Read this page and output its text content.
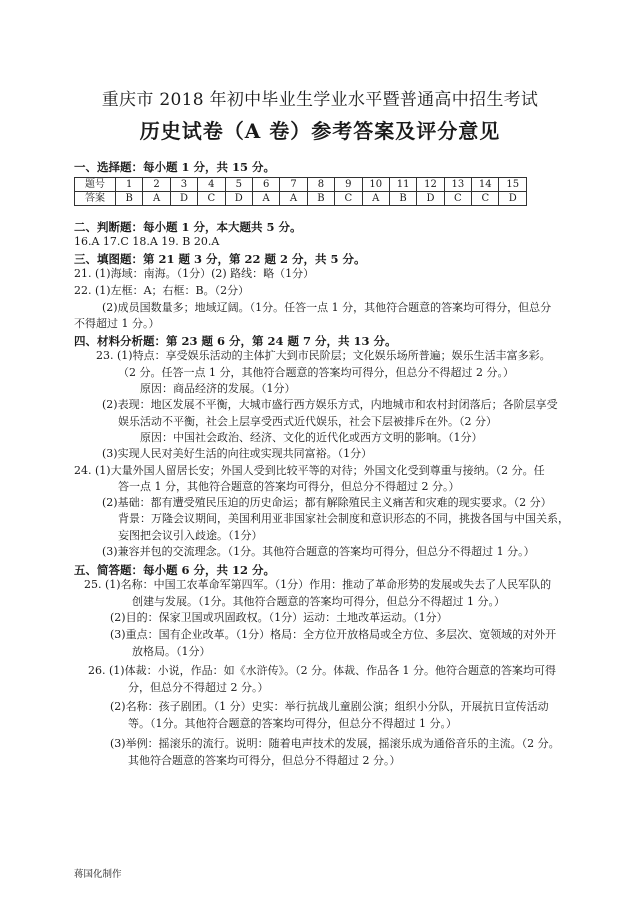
重庆市 2018 年初中毕业生学业水平暨普通高中招生考试
历史试卷（A 卷）参考答案及评分意见
一、选择题：每小题 1 分，共 15 分。
题号	1	2	3	4	5	6	7	8	9	10	11	12	13	14	15
答案	B	A	D	C	D	A	A	B	C	A	B	D	C	C	D
二、判断题：每小题 1 分，本大题共 5 分。
16.A 17.C 18.A 19. B 20.A
三、填图题：第 21 题 3 分，第 22 题 2 分，共 5 分。
21. (1)海域：南海。（1分）(2) 路线：略（1分）
22. (1)左框：A；右框：B。（2分）
(2)成员国数量多；地域辽阔。（1分。任答一点 1 分，其他符合题意的答案均可得分，但总分
不得超过 1 分。）
四、材料分析题：第 23 题 6 分，第 24 题 7 分，共 13 分。
23. (1)特点：享受娱乐活动的主体扩大到市民阶层；文化娱乐场所普遍；娱乐生活丰富多彩。
（2 分。任答一点 1 分，其他符合题意的答案均可得分，但总分不得超过 2 分。）
原因：商品经济的发展。（1分）
(2)表现：地区发展不平衡，大城市盛行西方娱乐方式，内地城市和农村封闭落后；各阶层享受
娱乐活动不平衡，社会上层享受西式近代娱乐，社会下层被排斥在外。（2 分）
原因：中国社会政治、经济、文化的近代化或西方文明的影响。（1分）
(3)实现人民对美好生活的向往或实现共同富裕。（1分）
24. (1)大量外国人留居长安；外国人受到比较平等的对待；外国文化受到尊重与接纳。（2 分。任
答一点 1 分，其他符合题意的答案均可得分，但总分不得超过 2 分。）
(2)基础：都有遭受殖民压迫的历史命运；都有解除殖民主义痛苦和灾难的现实要求。（2 分）
背景：万隆会议期间，美国利用亚非国家社会制度和意识形态的不同，挑拨各国与中国关系，
妄图把会议引入歧途。（1分）
(3)兼容并包的交流理念。（1分。其他符合题意的答案均可得分，但总分不得超过 1 分。）
五、简答题：每小题 6 分，共 12 分。
25. (1)名称：中国工农革命军第四军。（1分）作用：推动了革命形势的发展或失去了人民军队的
创建与发展。（1分。其他符合题意的答案均可得分，但总分不得超过 1 分。）
(2)目的：保家卫国或巩固政权。（1分）运动：土地改革运动。（1分）
(3)重点：国有企业改革。（1分）格局：全方位开放格局或全方位、多层次、宽领域的对外开
放格局。（1分）
26. (1)体裁：小说，作品：如《水浒传》。（2 分。体裁、作品各 1 分。他符合题意的答案均可得
分，但总分不得超过 2 分。）
(2)名称：孩子剧团。（1 分）史实：举行抗战儿童剧公演；组织小分队，开展抗日宣传活动
等。（1分。其他符合题意的答案均可得分，但总分不得超过 1 分。）
(3)举例：摇滚乐的流行。说明：随着电声技术的发展，摇滚乐成为通俗音乐的主流。（2 分。
其他符合题意的答案均可得分，但总分不得超过 2 分。）
蒋国化制作
